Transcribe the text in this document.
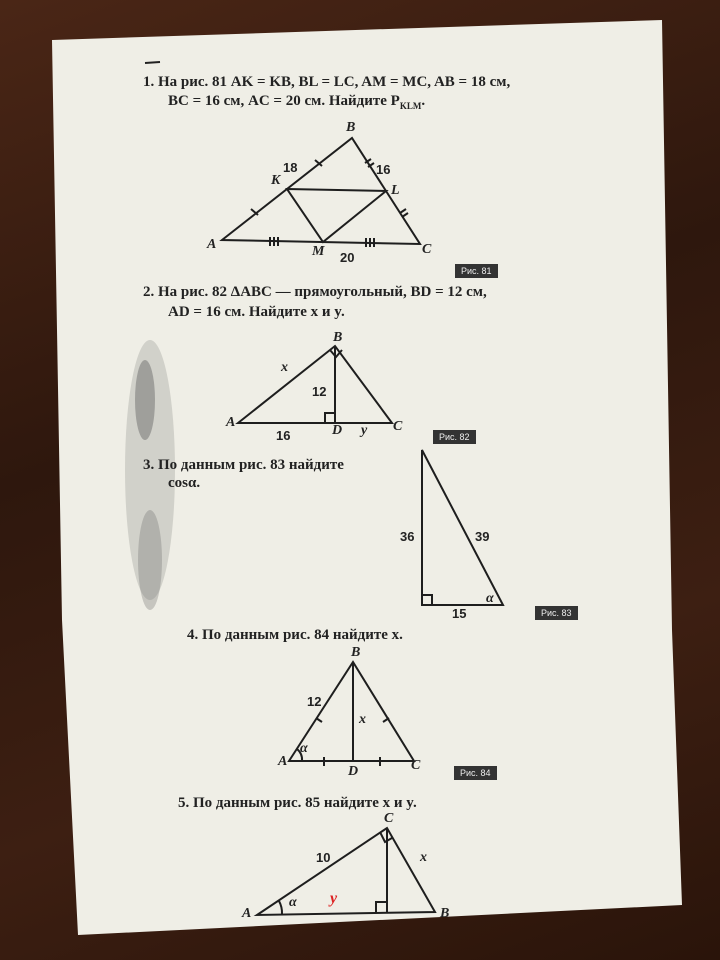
1. На рис. 81 AK = KB, BL = LC, AM = MC, AB = 18 см,
BC = 16 см, AC = 20 см. Найдите $P_{KLM}$.
B
K
L
A	M	C
18	16
20
Рис. 81
2. На рис. 82 ΔABC — прямоугольный, BD = 12 см,
AD = 16 см. Найдите x и y.
B
A
D	C
x
y
12
16	Рис. 82
3. По данным рис. 83 найдите
cosα.
36	39
15
α
Рис. 83
4. По данным рис. 84 найдите x.
B
A
D	C
x
12
α
Рис. 84
5. По данным рис. 85 найдите x и y.
C
A	B
x
10
α y
